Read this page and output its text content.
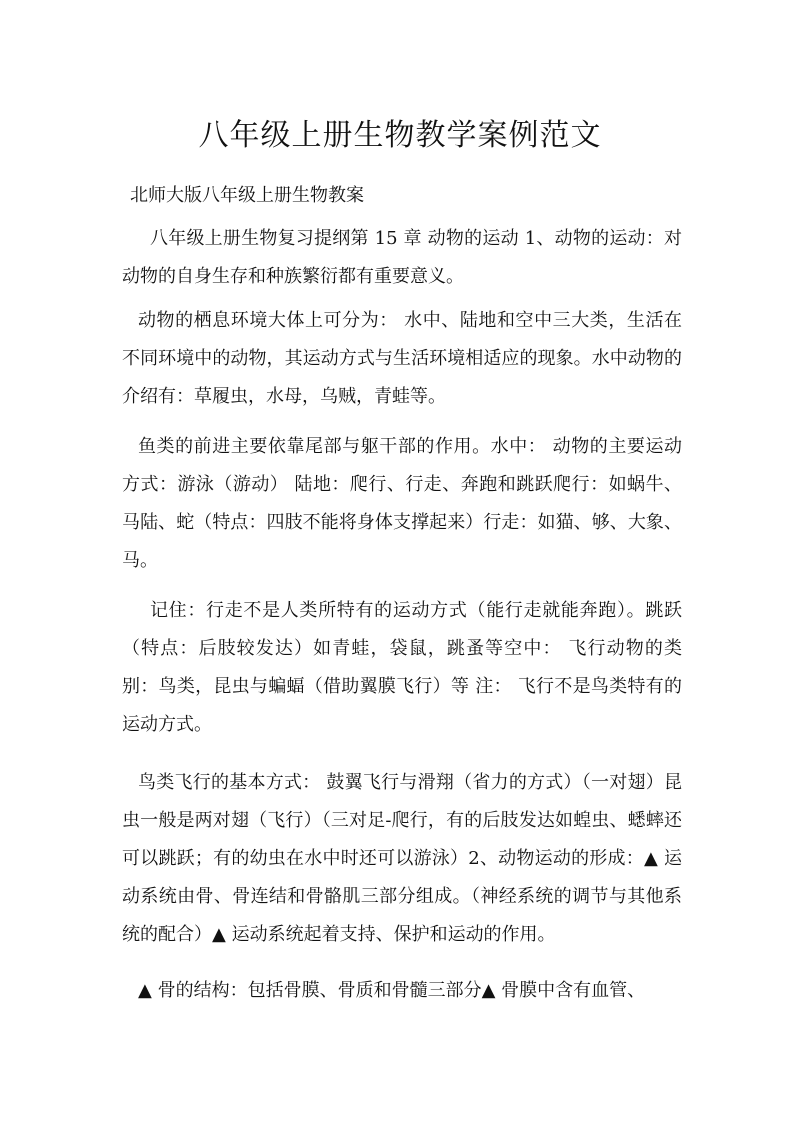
八年级上册生物教学案例范文
北师大版八年级上册生物教案

八年级上册生物复习提纲第 15 章 动物的运动 1、动物的运动：对动物的自身生存和种族繁衍都有重要意义。

动物的栖息环境大体上可分为： 水中、陆地和空中三大类，生活在不同环境中的动物，其运动方式与生活环境相适应的现象。水中动物的介绍有：草履虫，水母，乌贼，青蛙等。

鱼类的前进主要依靠尾部与躯干部的作用。水中： 动物的主要运动方式：游泳（游动） 陆地：爬行、行走、奔跑和跳跃爬行：如蜗牛、马陆、蛇（特点：四肢不能将身体支撑起来）行走：如猫、够、大象、马。

记住：行走不是人类所特有的运动方式（能行走就能奔跑）。跳跃（特点：后肢较发达）如青蛙，袋鼠，跳蚤等空中： 飞行动物的类别：鸟类，昆虫与蝙蝠（借助翼膜飞行）等 注： 飞行不是鸟类特有的运动方式。

鸟类飞行的基本方式： 鼓翼飞行与滑翔（省力的方式）（一对翅）昆虫一般是两对翅（飞行）（三对足-爬行，有的后肢发达如蝗虫、蟋蟀还可以跳跃；有的幼虫在水中时还可以游泳）2、动物运动的形成：▲ 运动系统由骨、骨连结和骨骼肌三部分组成。（神经系统的调节与其他系统的配合）▲ 运动系统起着支持、保护和运动的作用。

▲ 骨的结构：包括骨膜、骨质和骨髓三部分▲ 骨膜中含有血管、
